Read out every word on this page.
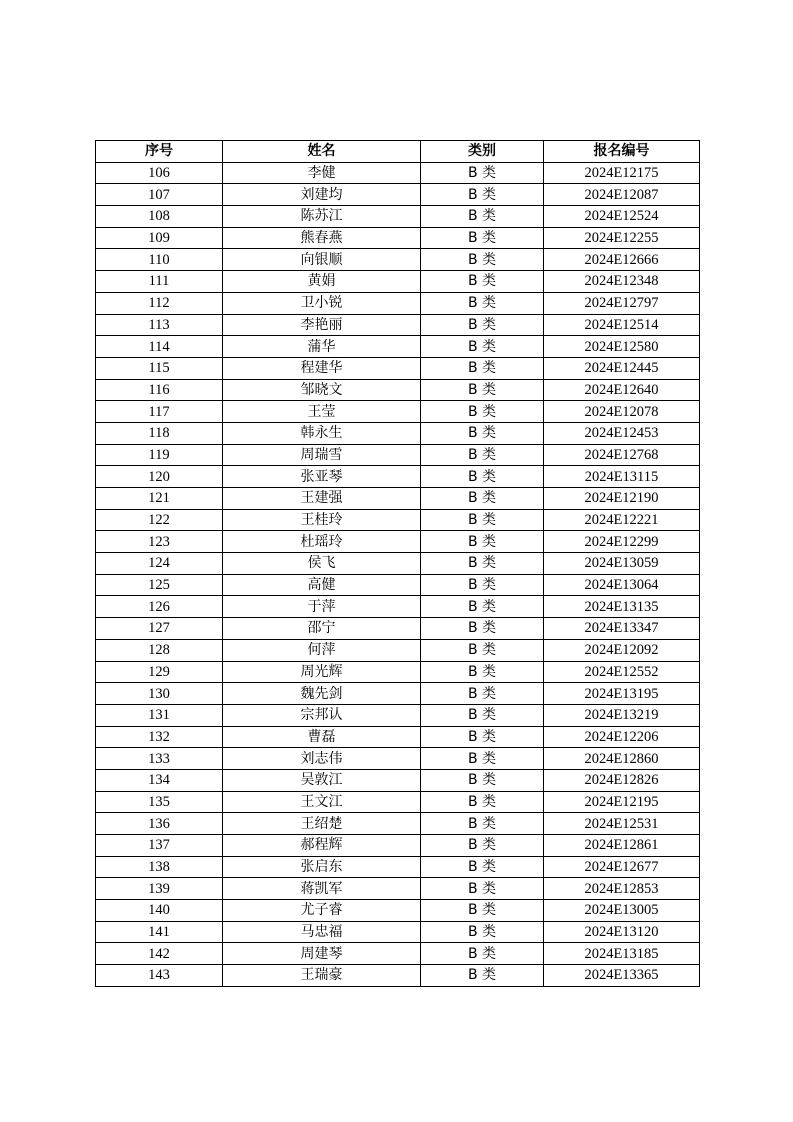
序号	姓名	类别	报名编号
106	李健	B 类	2024E12175
107	刘建均	B 类	2024E12087
108	陈苏江	B 类	2024E12524
109	熊春燕	B 类	2024E12255
110	向银顺	B 类	2024E12666
111	黄娟	B 类	2024E12348
112	卫小锐	B 类	2024E12797
113	李艳丽	B 类	2024E12514
114	蒲华	B 类	2024E12580
115	程建华	B 类	2024E12445
116	邹晓文	B 类	2024E12640
117	王莹	B 类	2024E12078
118	韩永生	B 类	2024E12453
119	周瑞雪	B 类	2024E12768
120	张亚琴	B 类	2024E13115
121	王建强	B 类	2024E12190
122	王桂玲	B 类	2024E12221
123	杜瑶玲	B 类	2024E12299
124	侯飞	B 类	2024E13059
125	高健	B 类	2024E13064
126	于萍	B 类	2024E13135
127	邵宁	B 类	2024E13347
128	何萍	B 类	2024E12092
129	周光辉	B 类	2024E12552
130	魏先剑	B 类	2024E13195
131	宗邦认	B 类	2024E13219
132	曹磊	B 类	2024E12206
133	刘志伟	B 类	2024E12860
134	吴敦江	B 类	2024E12826
135	王文江	B 类	2024E12195
136	王绍楚	B 类	2024E12531
137	郝程辉	B 类	2024E12861
138	张启东	B 类	2024E12677
139	蒋凯军	B 类	2024E12853
140	尤子睿	B 类	2024E13005
141	马忠福	B 类	2024E13120
142	周建琴	B 类	2024E13185
143	王瑞豪	B 类	2024E13365
